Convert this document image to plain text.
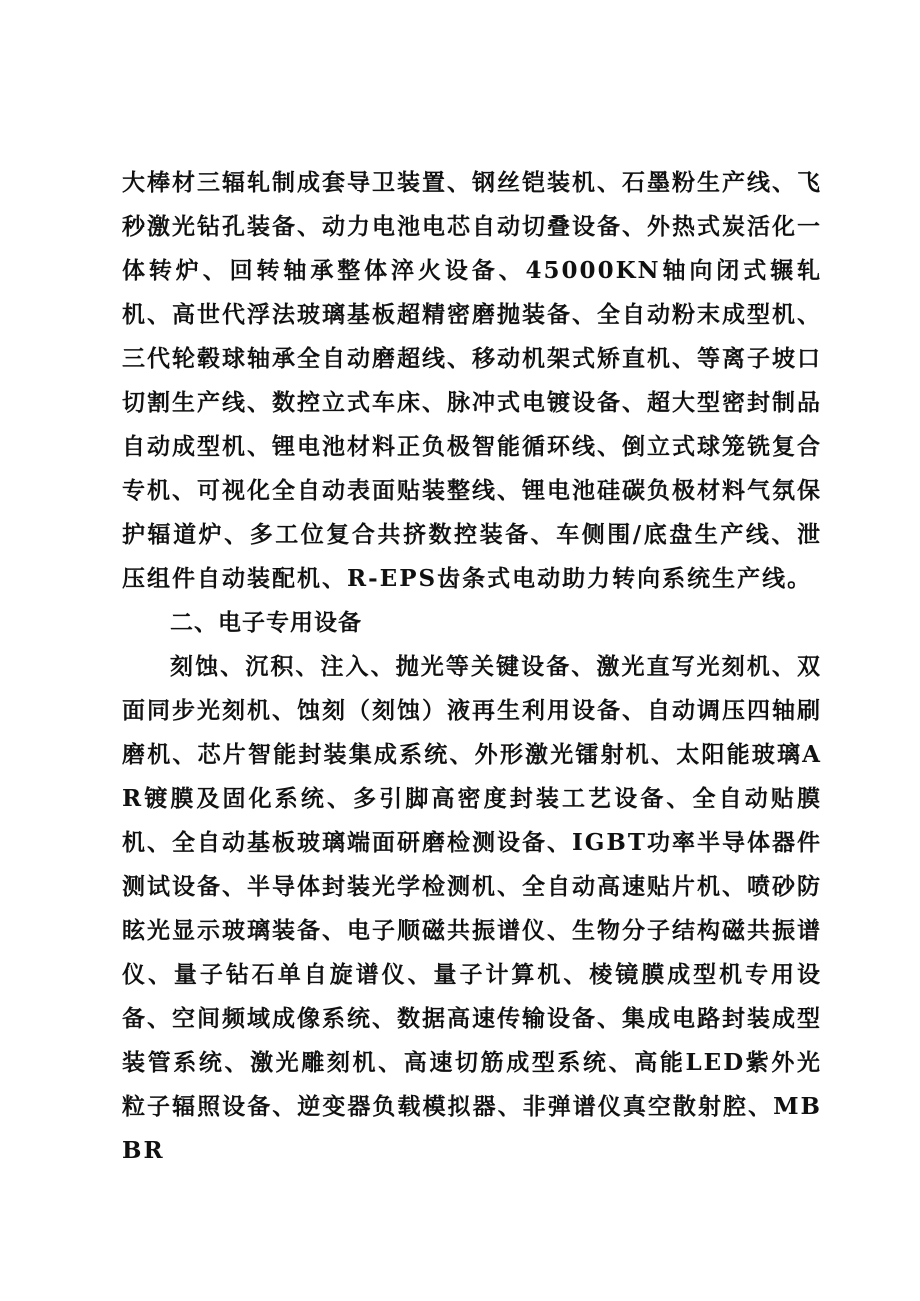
大棒材三辐轧制成套导卫装置、钢丝铠装机、石墨粉生产线、飞秒激光钻孔装备、动力电池电芯自动切叠设备、外热式炭活化一体转炉、回转轴承整体淬火设备、45000KN轴向闭式辗轧机、高世代浮法玻璃基板超精密磨抛装备、全自动粉末成型机、三代轮毂球轴承全自动磨超线、移动机架式矫直机、等离子坡口切割生产线、数控立式车床、脉冲式电镀设备、超大型密封制品自动成型机、锂电池材料正负极智能循环线、倒立式球笼铣复合专机、可视化全自动表面贴装整线、锂电池硅碳负极材料气氛保护辐道炉、多工位复合共挤数控装备、车侧围/底盘生产线、泄压组件自动装配机、R-EPS齿条式电动助力转向系统生产线。

二、电子专用设备

刻蚀、沉积、注入、抛光等关键设备、激光直写光刻机、双面同步光刻机、蚀刻（刻蚀）液再生利用设备、自动调压四轴刷磨机、芯片智能封装集成系统、外形激光镭射机、太阳能玻璃AR镀膜及固化系统、多引脚高密度封装工艺设备、全自动贴膜机、全自动基板玻璃端面研磨检测设备、IGBT功率半导体器件测试设备、半导体封装光学检测机、全自动高速贴片机、喷砂防眩光显示玻璃装备、电子顺磁共振谱仪、生物分子结构磁共振谱仪、量子钻石单自旋谱仪、量子计算机、棱镜膜成型机专用设备、空间频域成像系统、数据高速传输设备、集成电路封装成型装管系统、激光雕刻机、高速切筋成型系统、高能LED紫外光粒子辐照设备、逆变器负载模拟器、非弹谱仪真空散射腔、MBBR
